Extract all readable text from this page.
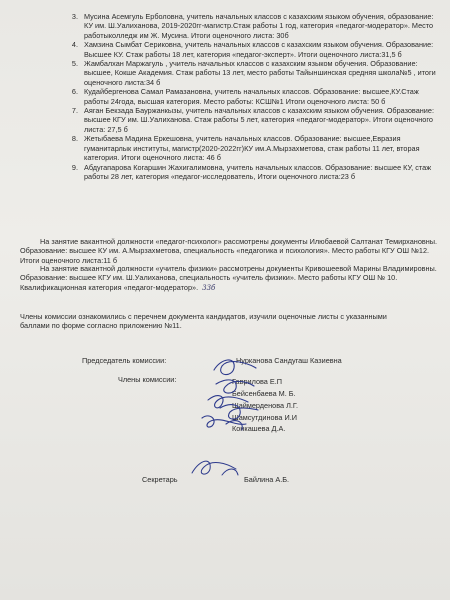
3. Мусина Асемгуль Ерболовна, учитель начальных классов с казахским языком обучения, образование: КУ им. Ш.Уалиханова, 2019-2020гг-магистр.Стаж работы 1 год, категория «педагог-модератор». Место работыколледж им Ж. Мусина. Итоги оценочного листа: 30б
4. Хамзина Сымбат Сериковна, учитель начальных классов с казахским языком обучения. Образование: Высшее КУ. Стаж работы 18 лет, категория «педагог-эксперт». Итоги оценочного листа:31,5 б
5. Жамбалхан Маржагуль , учитель начальных классов с казахским языком обучения. Образование: высшее, Кокше Академия. Стаж работы 13 лет, место работы Тайыншинская средняя школа№5 , итоги оценочного листа:34 б
6. Кудайбергенова Самал Рамазановна, учитель начальных классов. Образование: высшее,КУ.Стаж работы 24года, высшая категория. Место работы: КСШ№1 Итоги оценочного листа: 50 б
7. Аяган Бекзада Бауржанкызы, учитель начальных классов с казахским языком обучения. Образование: высшее КГУ им. Ш.Уалиханова. Стаж работы 5 лет, категория «педагог-модератор». Итоги оценочного листа: 27,5 б
8. Жетыбаева Мадина Еркешовна, учитель начальных классов. Образование: высшее,Евразия гуманитарлык институты, магистр(2020-2022гг)КУ им.А.Мырзахметова, стаж работы 11 лет, вторая категория. Итоги оценочного листа: 46 б
9. Абдугапарова Когаршин Жахигалимовна, учитель начальных классов. Образование: высшее КУ, стаж работы 28 лет, категория «педагог-исследователь, Итоги оценочного листа:23 б
На занятие вакантной должности «педагог-психолог» рассмотрены документы Илюбаевой Салтанат Темирхановны. Образование: высшее КУ им. А.Мырзахметова, специальность «педагогика и психология». Место работы КГУ ОШ №12. Итоги оценочного листа:11 б
На занятие вакантной должности «учитель физики» рассмотрены документы Кривошеевой Марины Владимировны. Образование: высшее КГУ им. Ш.Уалиханова, специальность «учитель физики». Место работы КГУ ОШ № 10. Квалификационная категория «педагог-модератор». 33б
Члены комиссии ознакомились с перечнем документа кандидатов, изучили оценочные листы с указанными баллами по форме согласно приложению №11.
Председатель комиссии:	Нурканова Сандугаш Казиевна
Члены комиссии:	Гаврилова Е.П
Бейсенбаева М. Б.
Шаймерденова Л.Г.
Шамсутдинова И.И
Конкашева Д.А.
Секретарь	Байлина А.Б.
